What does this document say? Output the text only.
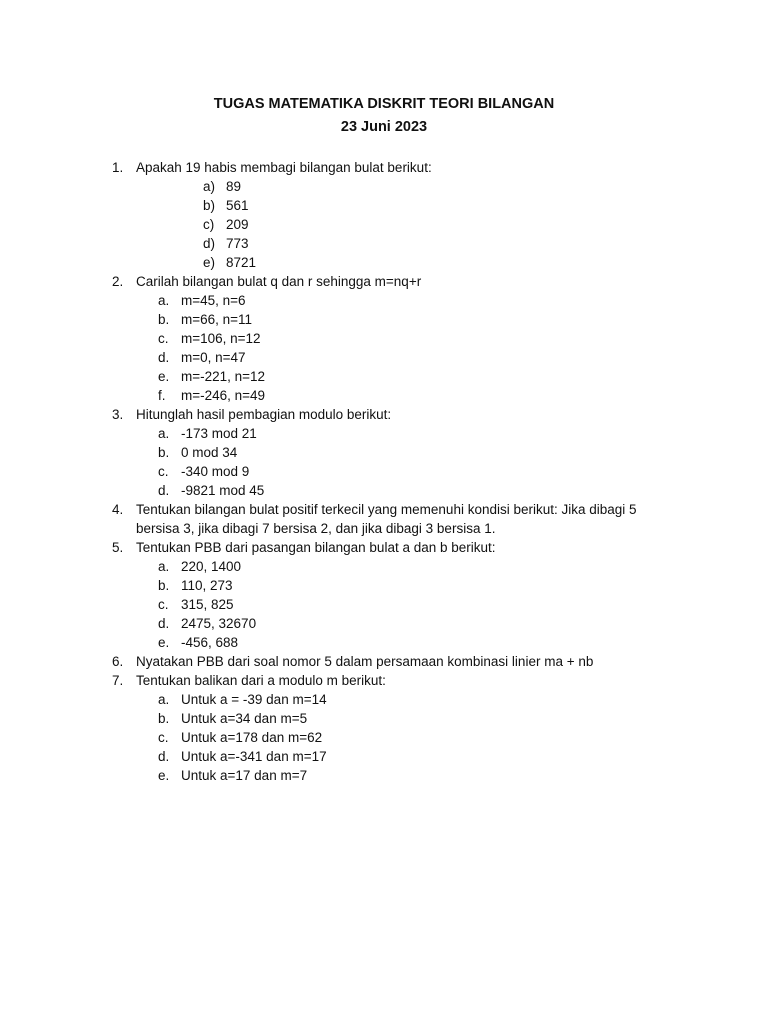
TUGAS MATEMATIKA DISKRIT TEORI BILANGAN
23 Juni 2023
1. Apakah 19 habis membagi bilangan bulat berikut:
a) 89
b) 561
c) 209
d) 773
e) 8721
2. Carilah bilangan bulat q dan r sehingga m=nq+r
a. m=45, n=6
b. m=66, n=11
c. m=106, n=12
d. m=0, n=47
e. m=-221, n=12
f. m=-246, n=49
3. Hitunglah hasil pembagian modulo berikut:
a. -173 mod 21
b. 0 mod 34
c. -340 mod 9
d. -9821 mod 45
4. Tentukan bilangan bulat positif terkecil yang memenuhi kondisi berikut: Jika dibagi 5
bersisa 3, jika dibagi 7 bersisa 2, dan jika dibagi 3 bersisa 1.
5. Tentukan PBB dari pasangan bilangan bulat a dan b berikut:
a. 220, 1400
b. 110, 273
c. 315, 825
d. 2475, 32670
e. -456, 688
6. Nyatakan PBB dari soal nomor 5 dalam persamaan kombinasi linier ma + nb
7. Tentukan balikan dari a modulo m berikut:
a. Untuk a = -39 dan m=14
b. Untuk a=34 dan m=5
c. Untuk a=178 dan m=62
d. Untuk a=-341 dan m=17
e. Untuk a=17 dan m=7
